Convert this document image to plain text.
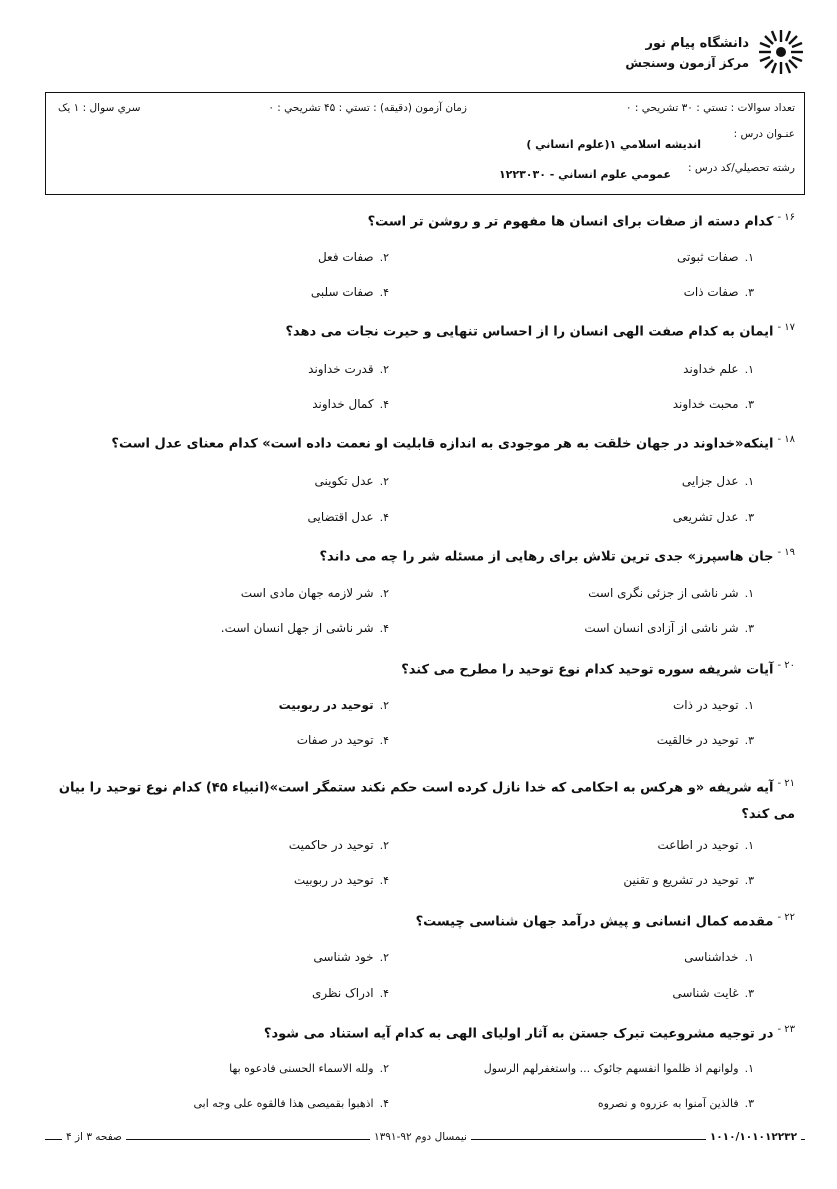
دانشگاه پيام نور
مرکز آزمون وسنجش
تعداد سوالات : تستي : ۳۰ تشريحي : ۰
زمان آزمون (دقيقه) : تستي : ۴۵ تشريحي : ۰
سري سوال : ۱ يک
عنـوان درس :
انديشه اسلامي ۱(علوم انساني )
رشته تحصيلي/کد درس :
عمومي علوم انساني - ۱۲۲۳۰۳۰
$^{۱۶ -}$کدام دسته از صفات برای انسان ها مفهوم تر و روشن تر است؟
۱.صفات ثبوتی
۲.صفات فعل
۳.صفات ذات
۴.صفات سلبی
$^{۱۷ -}$ایمان به کدام صفت الهی انسان را از احساس تنهایی و حیرت نجات می دهد؟
۱.علم خداوند
۲.قدرت خداوند
۳.محبت خداوند
۴.کمال خداوند
$^{۱۸ -}$اینکه«خداوند در جهان خلقت به هر موجودی به اندازه قابلیت او نعمت داده است» کدام معنای عدل است؟
۱.عدل جزایی
۲.عدل تکوینی
۳.عدل تشریعی
۴.عدل اقتضایی
$^{۱۹ -}$جان هاسپرز» جدی ترین تلاش برای رهایی از مسئله شر را چه می داند؟
۱.شر ناشی از جزئی نگری است
۲.شر لازمه جهان مادی است
۳.شر ناشی از آزادی انسان است
۴.شر ناشی از جهل انسان است.
$^{۲۰ -}$آیات شریفه سوره توحید کدام نوع توحید را مطرح می کند؟
۱.توحید در ذات
۲.توحید در ربوبیت
۳.توحید در خالقیت
۴.توحید در صفات
$^{۲۱ -}$آیه شریفه «و هرکس به احکامی که خدا نازل کرده است حکم نکند ستمگر است»(انبیاء ۴۵) کدام نوع توحید را بیان می کند؟
۱.توحید در اطاعت
۲.توحید در حاکمیت
۳.توحید در تشریع و تقنین
۴.توحید در ربوبیت
$^{۲۲ -}$مقدمه کمال انسانی و پیش درآمد جهان شناسی چیست؟
۱.خداشناسی
۲.خود شناسی
۳.غایت شناسی
۴.ادراک نظری
$^{۲۳ -}$در توجیه مشروعیت تبرک جستن به آثار اولیای الهی به کدام آیه استناد می شود؟
۱.ولوانهم اذ ظلموا انفسهم جائوک ... واستغفرلهم الرسول
۲.ولله الاسماء الحسنی فادعوه بها
۳.فالذین آمنوا به عزروه و نصروه
۴.اذهبوا بقمیصی هذا فالقوه علی وجه ابی
صفحه ۳ از ۴	نیمسال دوم ۹۲-۱۳۹۱	۱۰۱۰/۱۰۱۰۱۲۲۳۲
